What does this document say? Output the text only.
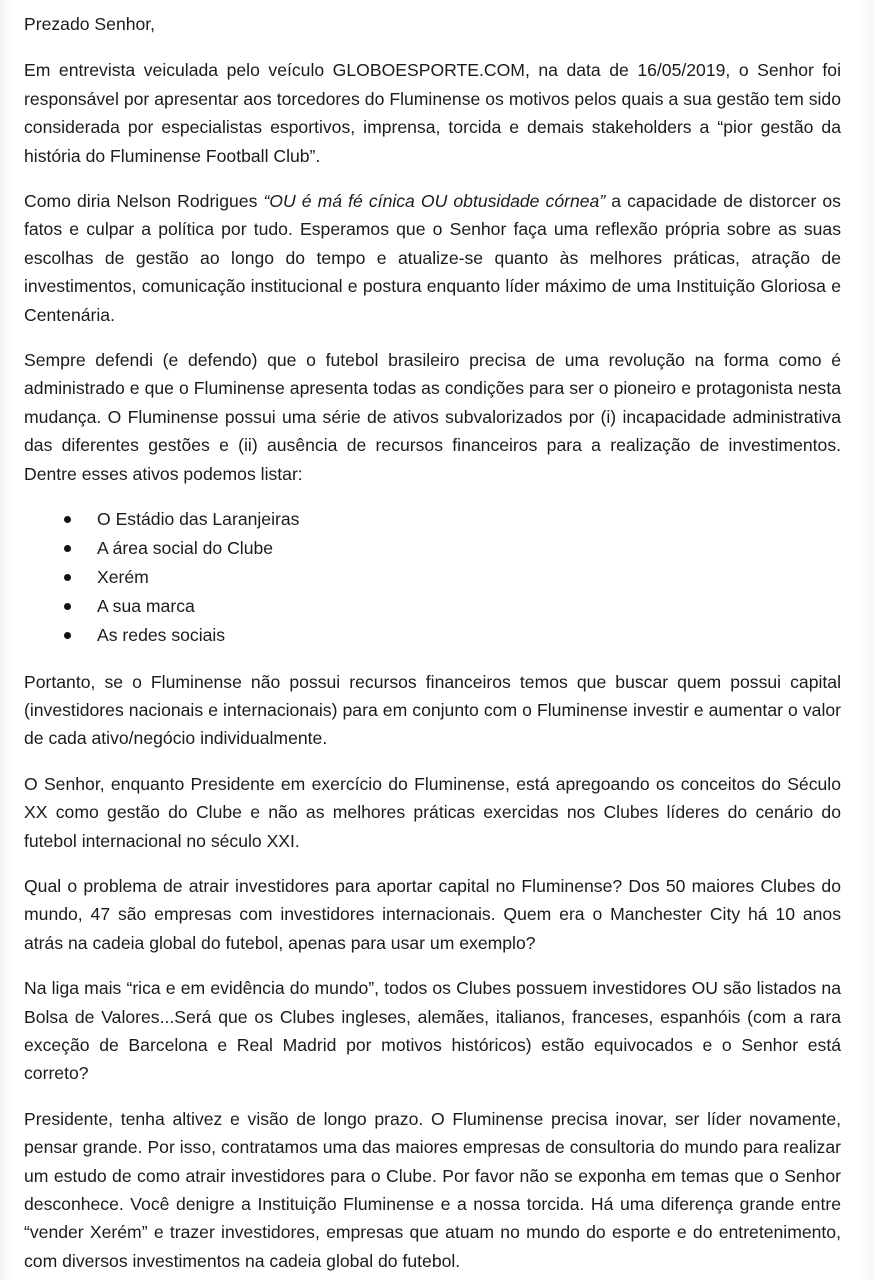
Prezado Senhor,

Em entrevista veiculada pelo veículo GLOBOESPORTE.COM, na data de 16/05/2019, o Senhor foi responsável por apresentar aos torcedores do Fluminense os motivos pelos quais a sua gestão tem sido considerada por especialistas esportivos, imprensa, torcida e demais stakeholders a “pior gestão da história do Fluminense Football Club”.

Como diria Nelson Rodrigues “OU é má fé cínica OU obtusidade córnea” a capacidade de distorcer os fatos e culpar a política por tudo. Esperamos que o Senhor faça uma reflexão própria sobre as suas escolhas de gestão ao longo do tempo e atualize-se quanto às melhores práticas, atração de investimentos, comunicação institucional e postura enquanto líder máximo de uma Instituição Gloriosa e Centenária.

Sempre defendi (e defendo) que o futebol brasileiro precisa de uma revolução na forma como é administrado e que o Fluminense apresenta todas as condições para ser o pioneiro e protagonista nesta mudança. O Fluminense possui uma série de ativos subvalorizados por (i) incapacidade administrativa das diferentes gestões e (ii) ausência de recursos financeiros para a realização de investimentos. Dentre esses ativos podemos listar:

O Estádio das Laranjeiras
A área social do Clube
Xerém
A sua marca
As redes sociais

Portanto, se o Fluminense não possui recursos financeiros temos que buscar quem possui capital (investidores nacionais e internacionais) para em conjunto com o Fluminense investir e aumentar o valor de cada ativo/negócio individualmente.

O Senhor, enquanto Presidente em exercício do Fluminense, está apregoando os conceitos do Século XX como gestão do Clube e não as melhores práticas exercidas nos Clubes líderes do cenário do futebol internacional no século XXI.

Qual o problema de atrair investidores para aportar capital no Fluminense? Dos 50 maiores Clubes do mundo, 47 são empresas com investidores internacionais. Quem era o Manchester City há 10 anos atrás na cadeia global do futebol, apenas para usar um exemplo?

Na liga mais “rica e em evidência do mundo”, todos os Clubes possuem investidores OU são listados na Bolsa de Valores...Será que os Clubes ingleses, alemães, italianos, franceses, espanhóis (com a rara exceção de Barcelona e Real Madrid por motivos históricos) estão equivocados e o Senhor está correto?

Presidente, tenha altivez e visão de longo prazo. O Fluminense precisa inovar, ser líder novamente, pensar grande. Por isso, contratamos uma das maiores empresas de consultoria do mundo para realizar um estudo de como atrair investidores para o Clube. Por favor não se exponha em temas que o Senhor desconhece. Você denigre a Instituição Fluminense e a nossa torcida. Há uma diferença grande entre “vender Xerém” e trazer investidores, empresas que atuam no mundo do esporte e do entretenimento, com diversos investimentos na cadeia global do futebol.
